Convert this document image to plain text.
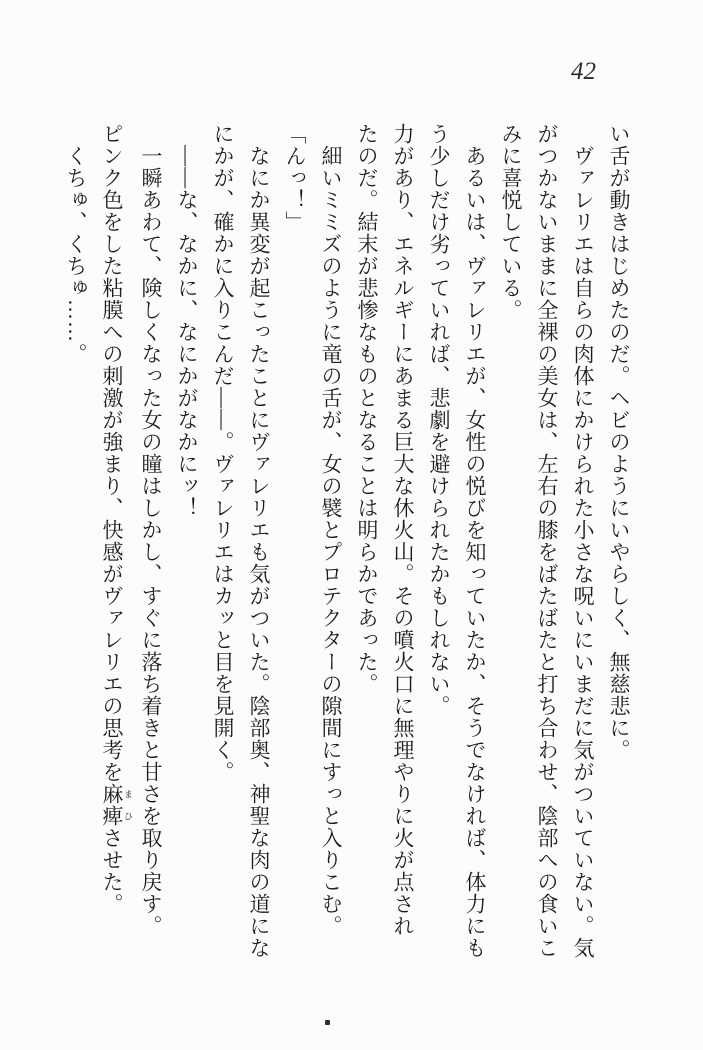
42
い舌が動きはじめたのだ。ヘビのようにいやらしく、無慈悲に。
ヴァレリエは自らの肉体にかけられた小さな呪いにいまだに気がついていない。気
がつかないままに全裸の美女は、左右の膝をばたばたと打ち合わせ、陰部への食いこ
みに喜悦している。
あるいは、ヴァレリエが、女性の悦びを知っていたか、そうでなければ、体力にも
う少しだけ劣っていれば、悲劇を避けられたかもしれない。
力があり、エネルギーにあまる巨大な休火山。その噴火口に無理やりに火が点され
たのだ。結末が悲惨なものとなることは明らかであった。
細いミミズのように竜の舌が、女の襞とプロテクターの隙間にすっと入りこむ。
「んっ！」
なにか異変が起こったことにヴァレリエも気がついた。陰部奥、神聖な肉の道にな
にかが、確かに入りこんだ――。ヴァレリエはカッと目を見開く。
――な、なかに、なにかがなかにッ！
一瞬あわて、険しくなった女の瞳はしかし、すぐに落ち着きと甘さを取り戻す。
ピンク色をした粘膜への刺激が強まり、快感がヴァレリエの思考を麻痺 まひさせた。
くちゅ、くちゅ……。
